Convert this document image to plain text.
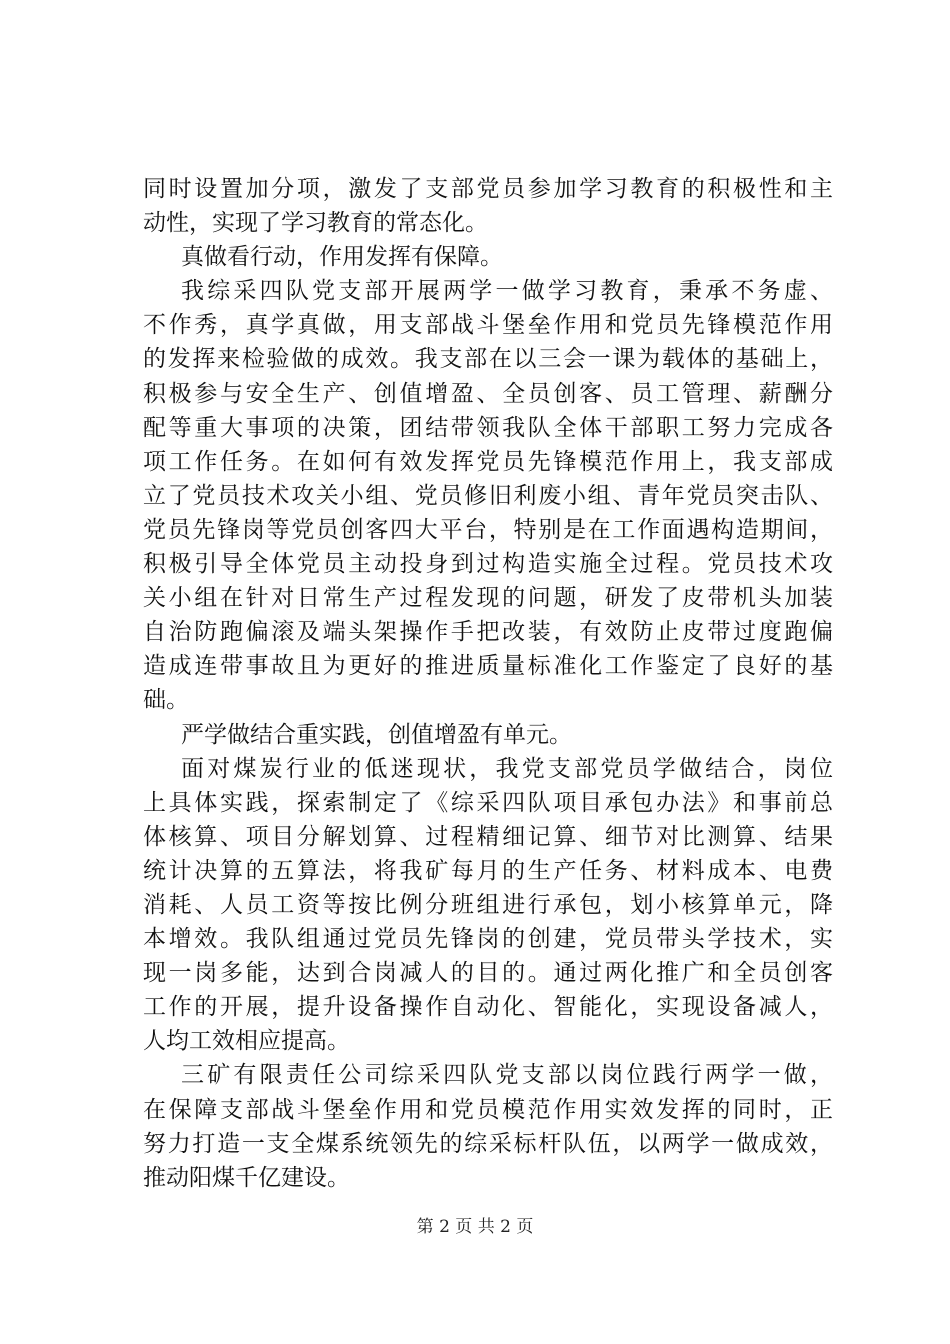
同时设置加分项，激发了支部党员参加学习教育的积极性和主
动性，实现了学习教育的常态化。
真做看行动，作用发挥有保障。
我综采四队党支部开展两学一做学习教育，秉承不务虚、
不作秀，真学真做，用支部战斗堡垒作用和党员先锋模范作用
的发挥来检验做的成效。我支部在以三会一课为载体的基础上，
积极参与安全生产、创值增盈、全员创客、员工管理、薪酬分
配等重大事项的决策，团结带领我队全体干部职工努力完成各
项工作任务。在如何有效发挥党员先锋模范作用上，我支部成
立了党员技术攻关小组、党员修旧利废小组、青年党员突击队、
党员先锋岗等党员创客四大平台，特别是在工作面遇构造期间，
积极引导全体党员主动投身到过构造实施全过程。党员技术攻
关小组在针对日常生产过程发现的问题，研发了皮带机头加装
自治防跑偏滚及端头架操作手把改装，有效防止皮带过度跑偏
造成连带事故且为更好的推进质量标准化工作鉴定了良好的基
础。
严学做结合重实践，创值增盈有单元。
面对煤炭行业的低迷现状，我党支部党员学做结合，岗位
上具体实践，探索制定了《综采四队项目承包办法》和事前总
体核算、项目分解划算、过程精细记算、细节对比测算、结果
统计决算的五算法，将我矿每月的生产任务、材料成本、电费
消耗、人员工资等按比例分班组进行承包，划小核算单元，降
本增效。我队组通过党员先锋岗的创建，党员带头学技术，实
现一岗多能，达到合岗减人的目的。通过两化推广和全员创客
工作的开展，提升设备操作自动化、智能化，实现设备减人，
人均工效相应提高。
三矿有限责任公司综采四队党支部以岗位践行两学一做，
在保障支部战斗堡垒作用和党员模范作用实效发挥的同时，正
努力打造一支全煤系统领先的综采标杆队伍，以两学一做成效，
推动阳煤千亿建设。
第 2 页 共 2 页
